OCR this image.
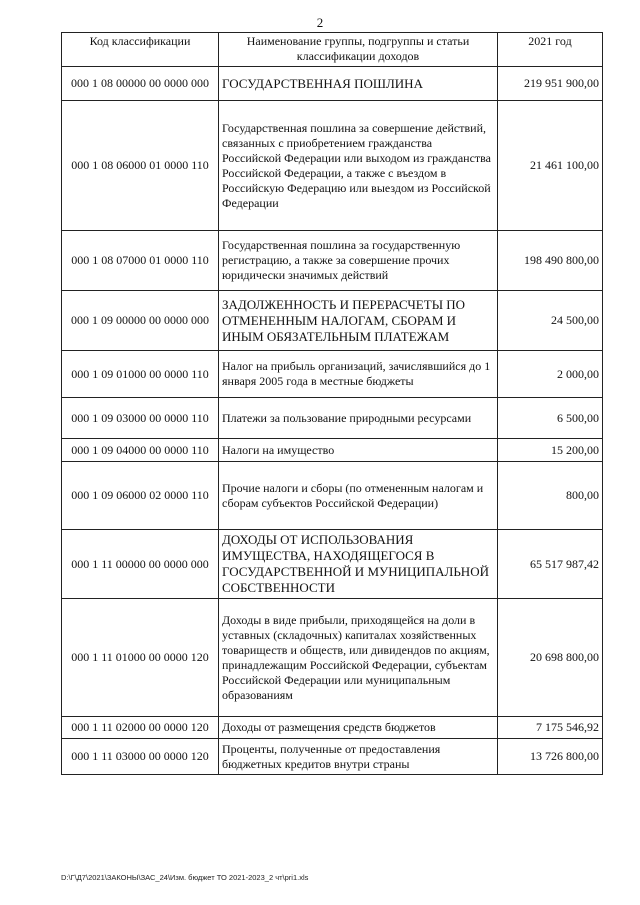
2
Код классификации	Наименование группы, подгруппы и статьи классификации доходов	2021 год
000 1 08 00000 00 0000 000	ГОСУДАРСТВЕННАЯ ПОШЛИНА	219 951 900,00
000 1 08 06000 01 0000 110	Государственная пошлина за совершение действий, связанных с приобретением гражданства Российской Федерации или выходом из гражданства Российской Федерации, а также с въездом в Российскую Федерацию или выездом из Российской Федерации	21 461 100,00
000 1 08 07000 01 0000 110	Государственная пошлина за государственную регистрацию, а также за совершение прочих юридически значимых действий	198 490 800,00
000 1 09 00000 00 0000 000	ЗАДОЛЖЕННОСТЬ И ПЕРЕРАСЧЕТЫ ПО ОТМЕНЕННЫМ НАЛОГАМ, СБОРАМ И ИНЫМ ОБЯЗАТЕЛЬНЫМ ПЛАТЕЖАМ	24 500,00
000 1 09 01000 00 0000 110	Налог на прибыль организаций, зачислявшийся до 1 января 2005 года в местные бюджеты	2 000,00
000 1 09 03000 00 0000 110	Платежи за пользование природными ресурсами	6 500,00
000 1 09 04000 00 0000 110	Налоги на имущество	15 200,00
000 1 09 06000 02 0000 110	Прочие налоги и сборы (по отмененным налогам и сборам субъектов Российской Федерации)	800,00
000 1 11 00000 00 0000 000	ДОХОДЫ ОТ ИСПОЛЬЗОВАНИЯ ИМУЩЕСТВА, НАХОДЯЩЕГОСЯ В ГОСУДАРСТВЕННОЙ И МУНИЦИПАЛЬНОЙ СОБСТВЕННОСТИ	65 517 987,42
000 1 11 01000 00 0000 120	Доходы в виде прибыли, приходящейся на доли в уставных (складочных) капиталах хозяйственных товариществ и обществ, или дивидендов по акциям, принадлежащим Российской Федерации, субъектам Российской Федерации или муниципальным образованиям	20 698 800,00
000 1 11 02000 00 0000 120	Доходы от размещения средств бюджетов	7 175 546,92
000 1 11 03000 00 0000 120	Проценты, полученные от предоставления бюджетных кредитов внутри страны	13 726 800,00
D:\Г\Д7\2021\ЗАКОНЫ\ЗАС_24\Изм. бюджет ТО 2021-2023_2 чт\pri1.xls
